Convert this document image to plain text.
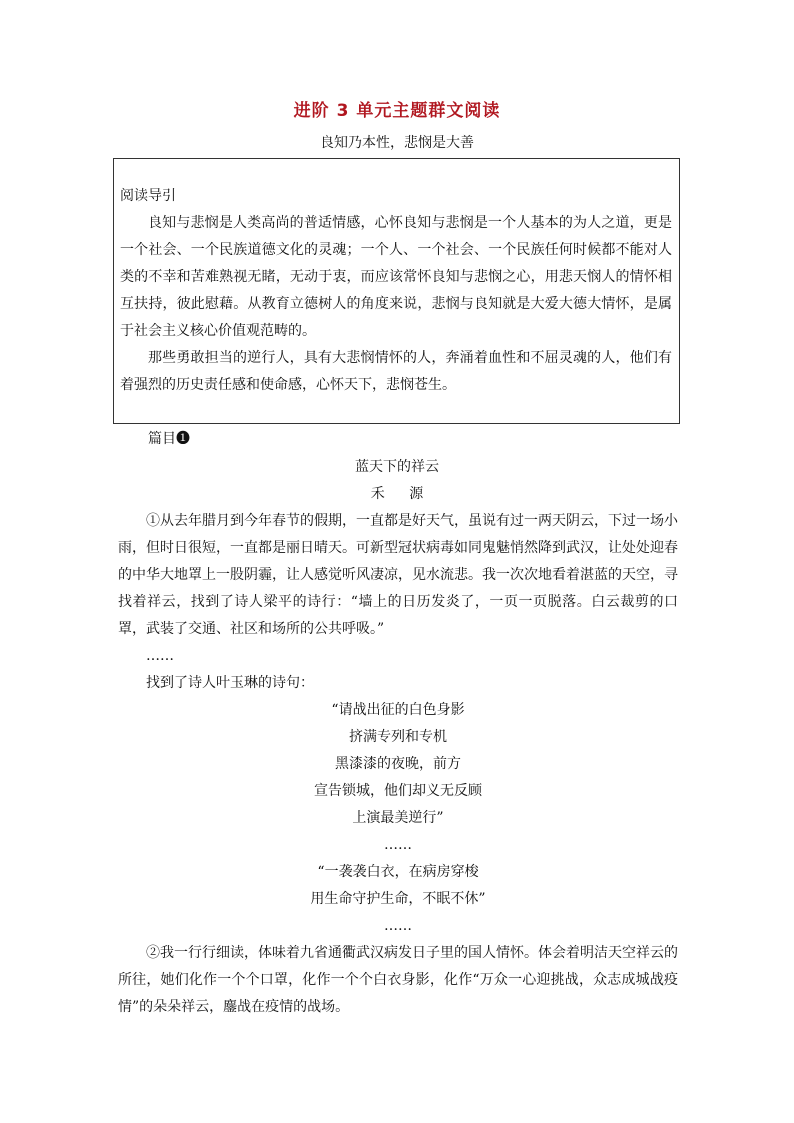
进阶 3 单元主题群文阅读
良知乃本性，悲悯是大善

阅读导引

良知与悲悯是人类高尚的普适情感，心怀良知与悲悯是一个人基本的为人之道，更是一个社会、一个民族道德文化的灵魂；一个人、一个社会、一个民族任何时候都不能对人类的不幸和苦难熟视无睹，无动于衷，而应该常怀良知与悲悯之心，用悲天悯人的情怀相互扶持，彼此慰藉。从教育立德树人的角度来说，悲悯与良知就是大爱大德大情怀，是属于社会主义核心价值观范畴的。

那些勇敢担当的逆行人，具有大悲悯情怀的人，奔涌着血性和不屈灵魂的人，他们有着强烈的历史责任感和使命感，心怀天下，悲悯苍生。

篇目❶
蓝天下的祥云
禾 源

①从去年腊月到今年春节的假期，一直都是好天气，虽说有过一两天阴云，下过一场小雨，但时日很短，一直都是丽日晴天。可新型冠状病毒如同鬼魅悄然降到武汉，让处处迎春的中华大地罩上一股阴霾，让人感觉听风凄凉，见水流悲。我一次次地看着湛蓝的天空，寻找着祥云，找到了诗人梁平的诗行：“墙上的日历发炎了，一页一页脱落。白云裁剪的口罩，武装了交通、社区和场所的公共呼吸。”

……

找到了诗人叶玉琳的诗句：

“请战出征的白色身影

挤满专列和专机

黑漆漆的夜晚，前方

宣告锁城，他们却义无反顾

上演最美逆行”

……

“一袭袭白衣，在病房穿梭

用生命守护生命，不眠不休”

……

②我一行行细读，体味着九省通衢武汉病发日子里的国人情怀。体会着明洁天空祥云的所往，她们化作一个个口罩，化作一个个白衣身影，化作“万众一心迎挑战，众志成城战疫情”的朵朵祥云，鏖战在疫情的战场。
